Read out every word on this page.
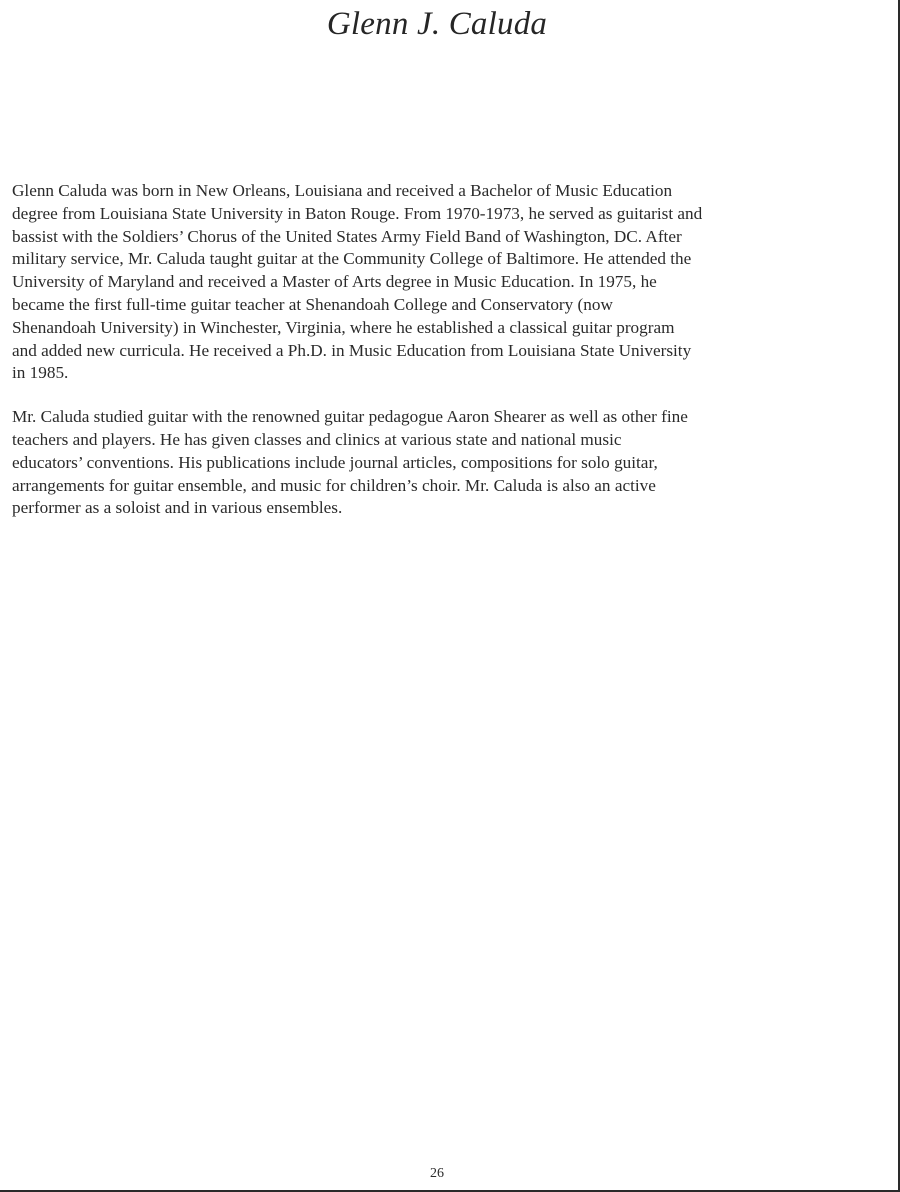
Glenn J. Caluda

Glenn Caluda was born in New Orleans, Louisiana and received a Bachelor of Music Education
degree from Louisiana State University in Baton Rouge. From 1970-1973, he served as guitarist and
bassist with the Soldiers’ Chorus of the United States Army Field Band of Washington, DC. After
military service, Mr. Caluda taught guitar at the Community College of Baltimore. He attended the
University of Maryland and received a Master of Arts degree in Music Education. In 1975, he
became the first full-time guitar teacher at Shenandoah College and Conservatory (now
Shenandoah University) in Winchester, Virginia, where he established a classical guitar program
and added new curricula. He received a Ph.D. in Music Education from Louisiana State University
in 1985.

Mr. Caluda studied guitar with the renowned guitar pedagogue Aaron Shearer as well as other fine
teachers and players. He has given classes and clinics at various state and national music
educators’ conventions. His publications include journal articles, compositions for solo guitar,
arrangements for guitar ensemble, and music for children’s choir. Mr. Caluda is also an active
performer as a soloist and in various ensembles.

26
